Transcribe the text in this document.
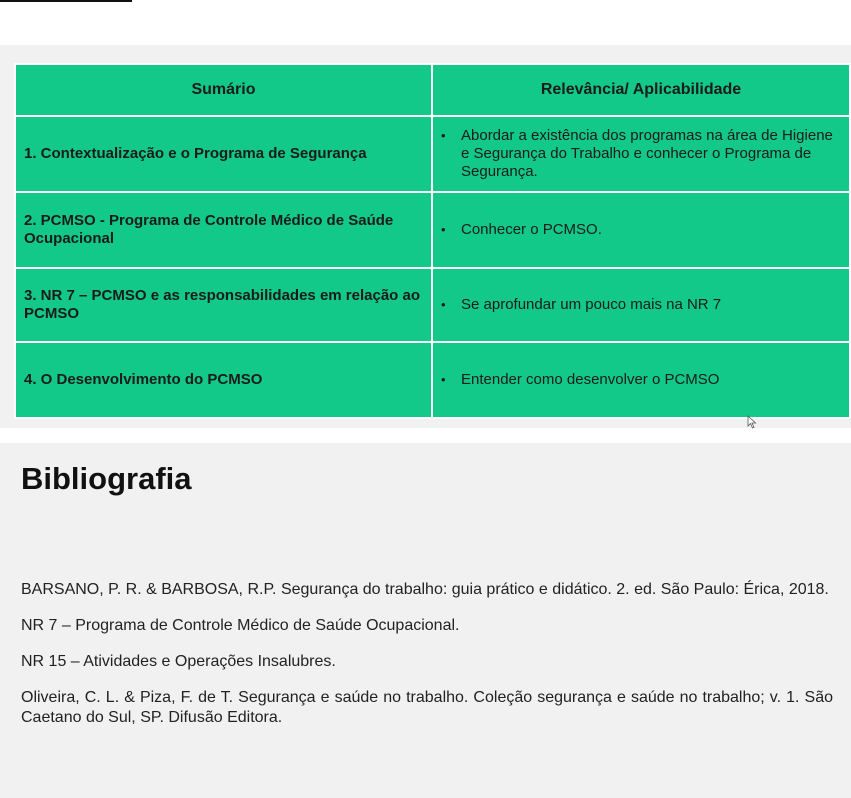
Sumário	Relevância/ Aplicabilidade
1. Contextualização e o Programa de Segurança	• Abordar a existência dos programas na área de Higiene e Segurança do Trabalho e conhecer o Programa de Segurança.

2. PCMSO - Programa de Controle Médico de Saúde Ocupacional	• Conhecer o PCMSO.

3. NR 7 – PCMSO e as responsabilidades em relação ao PCMSO	• Se aprofundar um pouco mais na NR 7

4. O Desenvolvimento do PCMSO	• Entender como desenvolver o PCMSO
Bibliografia

BARSANO, P. R. & BARBOSA, R.P. Segurança do trabalho: guia prático e didático. 2. ed. São Paulo: Érica, 2018.

NR 7 – Programa de Controle Médico de Saúde Ocupacional.

NR 15 – Atividades e Operações Insalubres.

Oliveira, C. L. & Piza, F. de T. Segurança e saúde no trabalho. Coleção segurança e saúde no trabalho; v. 1. São Caetano do Sul, SP. Difusão Editora.
